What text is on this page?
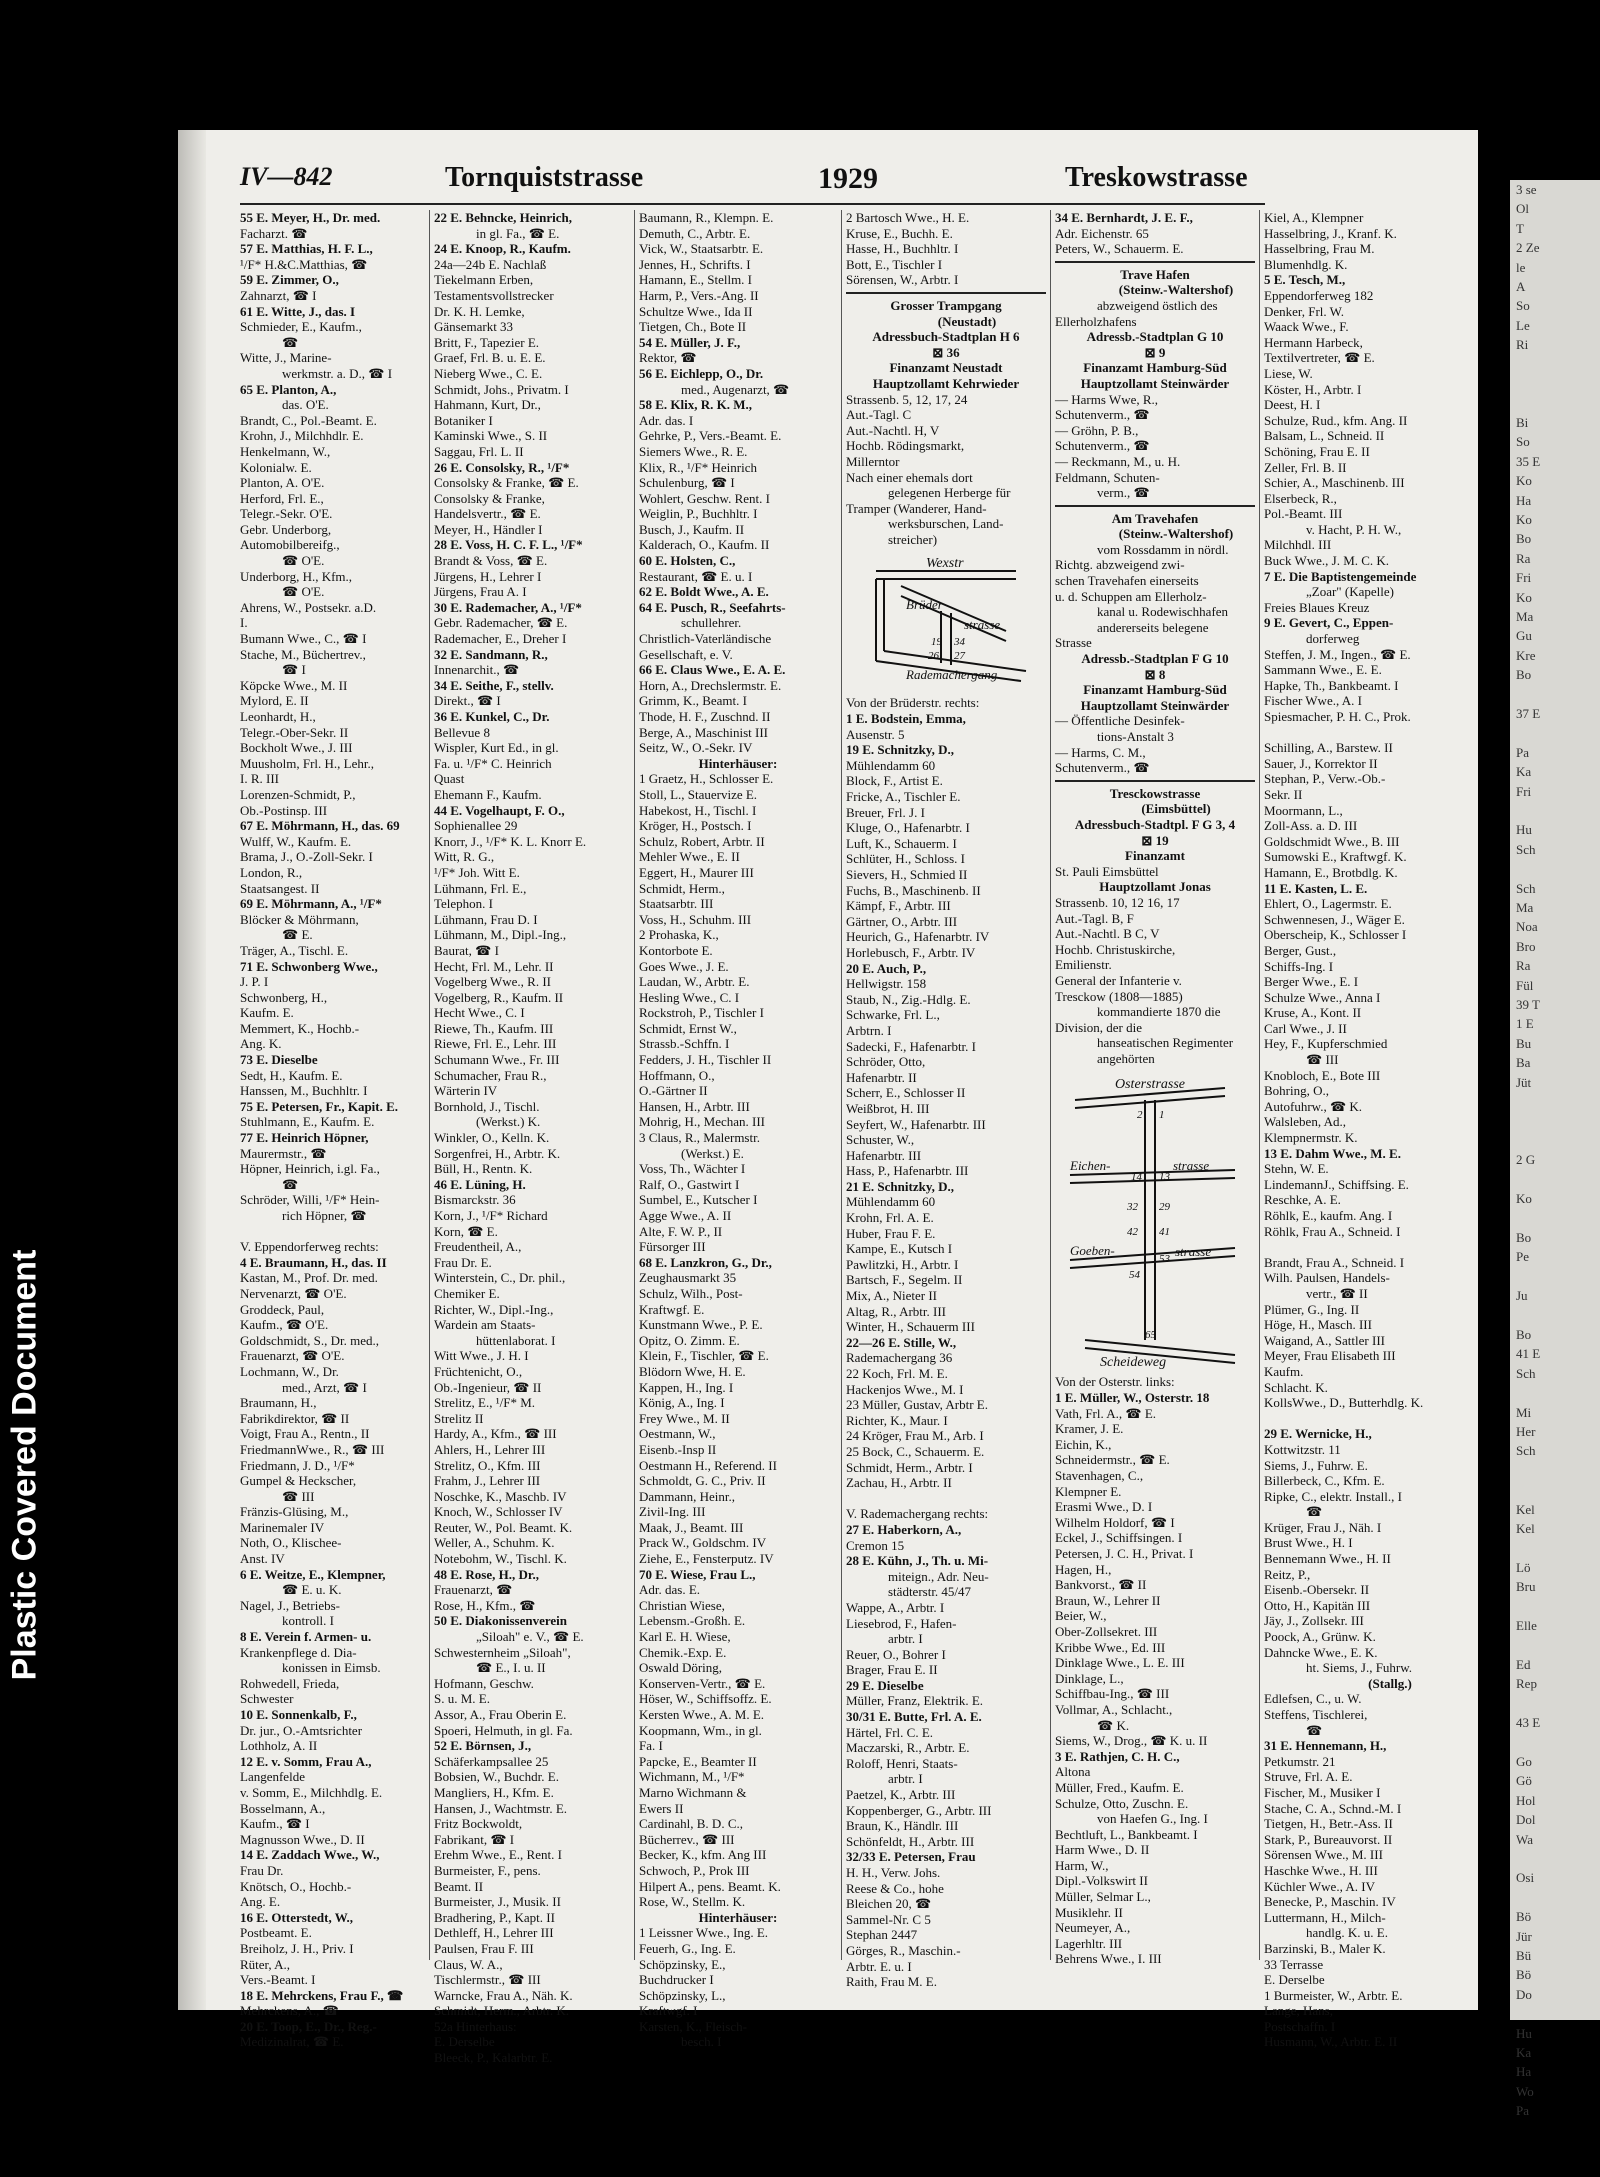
3 se
Ol
T
2 Ze
le
A
So
Le
Ri

Bi
So
35 E
Ko
Ha
Ko
Bo
Ra
Fri
Ko
Ma
Gu
Kre
Bo

37 E

Pa
Ka
Fri

Hu
Sch

Sch
Ma
Noa
Bro
Ra
Fül
39 T
1 E
Bu
Ba
Jüt

2 G

Ko

Bo
Pe

Ju

Bo
41 E
Sch

Mi
Her
Sch

Kel
Kel

Lö
Bru

Elle

Ed
Rep

43 E

Go
Gö
Hol
Dol
Wa

Osi

Bö
Jür
Bü
Bö
Do

Hu
Ka
Ha
Wo
Pa
Plastic Covered Document
IV—842	Tornquiststrasse	1929	Treskowstrasse
55 E. Meyer, H., Dr. med.
Facharzt. ☎
57 E. Matthias, H. F. L.,
¹/F* H.&C.Matthias, ☎
59 E. Zimmer, O.,
Zahnarzt, ☎ I
61 E. Witte, J., das. I
Schmieder, E., Kaufm.,
☎
Witte, J., Marine-
werkmstr. a. D., ☎ I
65 E. Planton, A.,
das. O'E.
Brandt, C., Pol.-Beamt. E.
Krohn, J., Milchhdlr. E.
Henkelmann, W.,
Kolonialw. E.
Planton, A. O'E.
Herford, Frl. E.,
Telegr.-Sekr. O'E.
Gebr. Underborg,
Automobilbereifg.,
☎ O'E.
Underborg, H., Kfm.,
☎ O'E.
Ahrens, W., Postsekr. a.D.
I.
Bumann Wwe., C., ☎ I
Stache, M., Büchertrev.,
☎ I
Köpcke Wwe., M. II
Mylord, E. II
Leonhardt, H.,
Telegr.-Ober-Sekr. II
Bockholt Wwe., J. III
Muusholm, Frl. H., Lehr.,
I. R. III
Lorenzen-Schmidt, P.,
Ob.-Postinsp. III
67 E. Möhrmann, H., das. 69
Wulff, W., Kaufm. E.
Brama, J., O.-Zoll-Sekr. I
London, R.,
Staatsangest. II
69 E. Möhrmann, A., ¹/F*
Blöcker & Möhrmann,
☎ E.
Träger, A., Tischl. E.
71 E. Schwonberg Wwe.,
J. P. I
Schwonberg, H.,
Kaufm. E.
Memmert, K., Hochb.-
Ang. K.
73 E. Dieselbe
Sedt, H., Kaufm. E.
Hanssen, M., Buchhltr. I
75 E. Petersen, Fr., Kapit. E.
Stuhlmann, E., Kaufm. E.
77 E. Heinrich Höpner,
Maurermstr., ☎
Höpner, Heinrich, i.gl. Fa.,
☎
Schröder, Willi, ¹/F* Hein-
rich Höpner, ☎
V. Eppendorferweg rechts:
4 E. Braumann, H., das. II
Kastan, M., Prof. Dr. med.
Nervenarzt, ☎ O'E.
Groddeck, Paul,
Kaufm., ☎ O'E.
Goldschmidt, S., Dr. med.,
Frauenarzt, ☎ O'E.
Lochmann, W., Dr.
med., Arzt, ☎ I
Braumann, H.,
Fabrikdirektor, ☎ II
Voigt, Frau A., Rentn., II
FriedmannWwe., R., ☎ III
Friedmann, J. D., ¹/F*
Gumpel & Heckscher,
☎ III
Fränzis-Glüsing, M.,
Marinemaler IV
Noth, O., Klischee-
Anst. IV
6 E. Weitze, E., Klempner,
☎ E. u. K.
Nagel, J., Betriebs-
kontroll. I
8 E. Verein f. Armen- u.
Krankenpflege d. Dia-
konissen in Eimsb.
Rohwedell, Frieda,
Schwester
10 E. Sonnenkalb, F.,
Dr. jur., O.-Amtsrichter
Lothholz, A. II
12 E. v. Somm, Frau A.,
Langenfelde
v. Somm, E., Milchhdlg. E.
Bosselmann, A.,
Kaufm., ☎ I
Magnusson Wwe., D. II
14 E. Zaddach Wwe., W.,
Frau Dr.
Knötsch, O., Hochb.-
Ang. E.
16 E. Otterstedt, W.,
Postbeamt. E.
Breiholz, J. H., Priv. I
Rüter, A.,
Vers.-Beamt. I
18 E. Mehrckens, Frau F., ☎
Mehrckens, A., ☎
20 E. Toop, E., Dr., Reg.-
Medizinalrat, ☎ E.
22 E. Behncke, Heinrich,
in gl. Fa., ☎ E.
24 E. Knoop, R., Kaufm.
24a—24b E. Nachlaß
Tiekelmann Erben,
Testamentsvollstrecker
Dr. K. H. Lemke,
Gänsemarkt 33
Britt, F., Tapezier E.
Graef, Frl. B. u. E. E.
Nieberg Wwe., C. E.
Schmidt, Johs., Privatm. I
Hahmann, Kurt, Dr.,
Botaniker I
Kaminski Wwe., S. II
Saggau, Frl. L. II
26 E. Consolsky, R., ¹/F*
Consolsky & Franke, ☎ E.
Consolsky & Franke,
Handelsvertr., ☎ E.
Meyer, H., Händler I
28 E. Voss, H. C. F. L., ¹/F*
Brandt & Voss, ☎ E.
Jürgens, H., Lehrer I
Jürgens, Frau A. I
30 E. Rademacher, A., ¹/F*
Gebr. Rademacher, ☎ E.
Rademacher, E., Dreher I
32 E. Sandmann, R.,
Innenarchit., ☎
34 E. Seithe, F., stellv.
Direkt., ☎ I
36 E. Kunkel, C., Dr.
Bellevue 8
Wispler, Kurt Ed., in gl.
Fa. u. ¹/F* C. Heinrich
Quast
Ehemann F., Kaufm.
44 E. Vogelhaupt, F. O.,
Sophienallee 29
Knorr, J., ¹/F* K. L. Knorr E.
Witt, R. G.,
¹/F* Joh. Witt E.
Lühmann, Frl. E.,
Telephon. I
Lühmann, Frau D. I
Lühmann, M., Dipl.-Ing.,
Baurat, ☎ I
Hecht, Frl. M., Lehr. II
Vogelberg Wwe., R. II
Vogelberg, R., Kaufm. II
Hecht Wwe., C. I
Riewe, Th., Kaufm. III
Riewe, Frl. E., Lehr. III
Schumann Wwe., Fr. III
Schumacher, Frau R.,
Wärterin IV
Bornhold, J., Tischl.
(Werkst.) K.
Winkler, O., Kelln. K.
Sorgenfrei, H., Arbtr. K.
Büll, H., Rentn. K.
46 E. Lüning, H.
Bismarckstr. 36
Korn, J., ¹/F* Richard
Korn, ☎ E.
Freudentheil, A.,
Frau Dr. E.
Winterstein, C., Dr. phil.,
Chemiker E.
Richter, W., Dipl.-Ing.,
Wardein am Staats-
hüttenlaborat. I
Witt Wwe., J. H. I
Früchtenicht, O.,
Ob.-Ingenieur, ☎ II
Strelitz, E., ¹/F* M.
Strelitz II
Hardy, A., Kfm., ☎ III
Ahlers, H., Lehrer III
Strelitz, O., Kfm. III
Frahm, J., Lehrer III
Noschke, K., Maschb. IV
Knoch, W., Schlosser IV
Reuter, W., Pol. Beamt. K.
Weller, A., Schuhm. K.
Notebohm, W., Tischl. K.
48 E. Rose, H., Dr.,
Frauenarzt, ☎
Rose, H., Kfm., ☎
50 E. Diakonissenverein
„Siloah" e. V., ☎ E.
Schwesternheim „Siloah",
☎ E., I. u. II
Hofmann, Geschw.
S. u. M. E.
Assor, A., Frau Oberin E.
Spoeri, Helmuth, in gl. Fa.
52 E. Börnsen, J.,
Schäferkampsallee 25
Bobsien, W., Buchdr. E.
Mangliers, H., Kfm. E.
Hansen, J., Wachtmstr. E.
Fritz Bockwoldt,
Fabrikant, ☎ I
Erehm Wwe., E., Rent. I
Burmeister, F., pens.
Beamt. II
Burmeister, J., Musik. II
Bradhering, P., Kapt. II
Dethleff, H., Lehrer III
Paulsen, Frau F. III
Claus, W. A.,
Tischlermstr., ☎ III
Warncke, Frau A., Näh. K.
Schmidt, Herm., Arbtr. K.
52a Hinterhaus:
E. Derselbe
Bleeck, P., Kalarbtr. E.
Baumann, R., Klempn. E.
Demuth, C., Arbtr. E.
Vick, W., Staatsarbtr. E.
Jennes, H., Schrifts. I
Hamann, E., Stellm. I
Harm, P., Vers.-Ang. II
Schultze Wwe., Ida II
Tietgen, Ch., Bote II
54 E. Müller, J. F.,
Rektor, ☎
56 E. Eichlepp, O., Dr.
med., Augenarzt, ☎
58 E. Klix, R. K. M.,
Adr. das. I
Gehrke, P., Vers.-Beamt. E.
Siemers Wwe., R. E.
Klix, R., ¹/F* Heinrich
Schulenburg, ☎ I
Wohlert, Geschw. Rent. I
Weiglin, P., Buchhltr. I
Busch, J., Kaufm. II
Kalderach, O., Kaufm. II
60 E. Holsten, C.,
Restaurant, ☎ E. u. I
62 E. Boldt Wwe., A. E.
64 E. Pusch, R., Seefahrts-
schullehrer.
Christlich-Vaterländische
Gesellschaft, e. V.
66 E. Claus Wwe., E. A. E.
Horn, A., Drechslermstr. E.
Grimm, K., Beamt. I
Thode, H. F., Zuschnd. II
Berge, A., Maschinist III
Seitz, W., O.-Sekr. IV
Hinterhäuser:
1 Graetz, H., Schlosser E.
Stoll, L., Stauervize E.
Habekost, H., Tischl. I
Kröger, H., Postsch. I
Schulz, Robert, Arbtr. II
Mehler Wwe., E. II
Eggert, H., Maurer III
Schmidt, Herm.,
Staatsarbtr. III
Voss, H., Schuhm. III
2 Prohaska, K.,
Kontorbote E.
Goes Wwe., J. E.
Laudan, W., Arbtr. E.
Hesling Wwe., C. I
Rockstroh, P., Tischler I
Schmidt, Ernst W.,
Strassb.-Schffn. I
Fedders, J. H., Tischler II
Hoffmann, O.,
O.-Gärtner II
Hansen, H., Arbtr. III
Mohrig, H., Mechan. III
3 Claus, R., Malermstr.
(Werkst.) E.
Voss, Th., Wächter I
Ralf, O., Gastwirt I
Sumbel, E., Kutscher I
Agge Wwe., A. II
Alte, F. W. P., II
Fürsorger III
68 E. Lanzkron, G., Dr.,
Zeughausmarkt 35
Schulz, Wilh., Post-
Kraftwgf. E.
Kunstmann Wwe., P. E.
Opitz, O. Zimm. E.
Klein, F., Tischler, ☎ E.
Blödorn Wwe, H. E.
Kappen, H., Ing. I
König, A., Ing. I
Frey Wwe., M. II
Oestmann, W.,
Eisenb.-Insp II
Oestmann H., Referend. II
Schmoldt, G. C., Priv. II
Dammann, Heinr.,
Zivil-Ing. III
Maak, J., Beamt. III
Prack W., Goldschm. IV
Ziehe, E., Fensterputz. IV
70 E. Wiese, Frau L.,
Adr. das. E.
Christian Wiese,
Lebensm.-Großh. E.
Karl E. H. Wiese,
Chemik.-Exp. E.
Oswald Döring,
Konserven-Vertr., ☎ E.
Höser, W., Schiffsoffz. E.
Kersten Wwe., A. M. E.
Koopmann, Wm., in gl.
Fa. I
Papcke, E., Beamter II
Wichmann, M., ¹/F*
Marno Wichmann &
Ewers II
Cardinahl, B. D. C.,
Bücherrev., ☎ III
Becker, K., kfm. Ang III
Schwoch, P., Prok III
Hilpert A., pens. Beamt. K.
Rose, W., Stellm. K.
Hinterhäuser:
1 Leissner Wwe., Ing. E.
Feuerh, G., Ing. E.
Schöpzinsky, E.,
Buchdrucker I
Schöpzinsky, L.,
Kraftwgf. I
Karsten, K., Fleisch-
besch. I
2 Bartosch Wwe., H. E.
Kruse, E., Buchh. E.
Hasse, H., Buchhltr. I
Bott, E., Tischler I
Sörensen, W., Arbtr. I
Grosser Trampgang
(Neustadt)
Adressbuch-Stadtplan H 6
⊠ 36
Finanzamt Neustadt
Hauptzollamt Kehrwieder
Strassenb. 5, 12, 17, 24
Aut.-Tagl. C
Aut.-Nachtl. H, V
Hochb. Rödingsmarkt,
Millerntor
Nach einer ehemals dort
gelegenen Herberge für
Tramper (Wanderer, Hand-
werksburschen, Land-
streicher)
Wexstr
Brüder
strasse
19 34
26 27
Rademachergang
Von der Brüderstr. rechts:
1 E. Bodstein, Emma,
Ausenstr. 5
19 E. Schnitzky, D.,
Mühlendamm 60
Block, F., Artist E.
Fricke, A., Tischler E.
Breuer, Frl. J. I
Kluge, O., Hafenarbtr. I
Luft, K., Schauerm. I
Schlüter, H., Schloss. I
Sievers, H., Schmied II
Fuchs, B., Maschinenb. II
Kämpf, F., Arbtr. III
Gärtner, O., Arbtr. III
Heurich, G., Hafenarbtr. IV
Horlebusch, F., Arbtr. IV
20 E. Auch, P.,
Hellwigstr. 158
Staub, N., Zig.-Hdlg. E.
Schwarke, Frl. L.,
Arbtrn. I
Sadecki, F., Hafenarbtr. I
Schröder, Otto,
Hafenarbtr. II
Scherr, E., Schlosser II
Weißbrot, H. III
Seyfert, W., Hafenarbtr. III
Schuster, W.,
Hafenarbtr. III
Hass, P., Hafenarbtr. III
21 E. Schnitzky, D.,
Mühlendamm 60
Krohn, Frl. A. E.
Huber, Frau F. E.
Kampe, E., Kutsch I
Pawlitzki, H., Arbtr. I
Bartsch, F., Segelm. II
Mix, A., Nieter II
Altag, R., Arbtr. III
Winter, H., Schauerm III
22—26 E. Stille, W.,
Rademachergang 36
22 Koch, Frl. M. E.
Hackenjos Wwe., M. I
23 Müller, Gustav, Arbtr E.
Richter, K., Maur. I
24 Kröger, Frau M., Arb. I
25 Bock, C., Schauerm. E.
Schmidt, Herm., Arbtr. I
Zachau, H., Arbtr. II
V. Rademachergang rechts:
27 E. Haberkorn, A.,
Cremon 15
28 E. Kühn, J., Th. u. Mi-
miteign., Adr. Neu-
städterstr. 45/47
Wappe, A., Arbtr. I
Liesebrod, F., Hafen-
arbtr. I
Reuer, O., Bohrer I
Brager, Frau E. II
29 E. Dieselbe
Müller, Franz, Elektrik. E.
30/31 E. Butte, Frl. A. E.
Härtel, Frl. C. E.
Maczarski, R., Arbtr. E.
Roloff, Henri, Staats-
arbtr. I
Paetzel, K., Arbtr. III
Koppenberger, G., Arbtr. III
Braun, K., Händlr. III
Schönfeldt, H., Arbtr. III
32/33 E. Petersen, Frau
H. H., Verw. Johs.
Reese & Co., hohe
Bleichen 20, ☎
Sammel-Nr. C 5
Stephan 2447
Görges, R., Maschin.-
Arbtr. E. u. I
Raith, Frau M. E.
34 E. Bernhardt, J. E. F.,
Adr. Eichenstr. 65
Peters, W., Schauerm. E.
Trave Hafen
(Steinw.-Waltershof)
abzweigend östlich des
Ellerholzhafens
Adressb.-Stadtplan G 10
⊠ 9
Finanzamt Hamburg-Süd
Hauptzollamt Steinwärder
— Harms Wwe, R.,
Schutenverm., ☎
— Gröhn, P. B.,
Schutenverm., ☎
— Reckmann, M., u. H.
Feldmann, Schuten-
verm., ☎
Am Travehafen
(Steinw.-Waltershof)
vom Rossdamm in nördl.
Richtg. abzweigend zwi-
schen Travehafen einerseits
u. d. Schuppen am Ellerholz-
kanal u. Rodewischhafen
andererseits belegene
Strasse
Adressb.-Stadtplan F G 10
⊠ 8
Finanzamt Hamburg-Süd
Hauptzollamt Steinwärder
— Öffentliche Desinfek-
tions-Anstalt 3
— Harms, C. M.,
Schutenverm., ☎
Tresckowstrasse
(Eimsbüttel)
Adressbuch-Stadtpl. F G 3, 4
⊠ 19
Finanzamt
St. Pauli Eimsbüttel
Hauptzollamt Jonas
Strassenb. 10, 12 16, 17
Aut.-Tagl. B, F
Aut.-Nachtl. B C, V
Hochb. Christuskirche,
Emilienstr.
General der Infanterie v.
Tresckow (1808—1885)
kommandierte 1870 die
Division, der die
hanseatischen Regimenter
angehörten
Osterstrasse
2 1
Eichen-
14 13
strasse
32 29
42 41
Goeben-
53 strasse
54
65
Scheideweg
Von der Osterstr. links:
1 E. Müller, W., Osterstr. 18
Vath, Frl. A., ☎ E.
Kramer, J. E.
Eichin, K.,
Schneidermstr., ☎ E.
Stavenhagen, C.,
Klempner E.
Erasmi Wwe., D. I
Wilhelm Holdorf, ☎ I
Eckel, J., Schiffsingen. I
Petersen, J. C. H., Privat. I
Hagen, H.,
Bankvorst., ☎ II
Braun, W., Lehrer II
Beier, W.,
Ober-Zollsekret. III
Kribbe Wwe., Ed. III
Dinklage Wwe., L. E. III
Dinklage, L.,
Schiffbau-Ing., ☎ III
Vollmar, A., Schlacht.,
☎ K.
Siems, W., Drog., ☎ K. u. II
3 E. Rathjen, C. H. C.,
Altona
Müller, Fred., Kaufm. E.
Schulze, Otto, Zuschn. E.
von Haefen G., Ing. I
Bechtluft, L., Bankbeamt. I
Harm Wwe., D. II
Harm, W.,
Dipl.-Volkswirt II
Müller, Selmar L.,
Musiklehr. II
Neumeyer, A.,
Lagerhltr. III
Behrens Wwe., I. III
Kiel, A., Klempner
Hasselbring, J., Kranf. K.
Hasselbring, Frau M.
Blumenhdlg. K.
5 E. Tesch, M.,
Eppendorferweg 182
Denker, Frl. W.
Waack Wwe., F.
Hermann Harbeck,
Textilvertreter, ☎ E.
Liese, W.
Köster, H., Arbtr. I
Deest, H. I
Schulze, Rud., kfm. Ang. II
Balsam, L., Schneid. II
Schöning, Frau E. II
Zeller, Frl. B. II
Schier, A., Maschinenb. III
Elserbeck, R.,
Pol.-Beamt. III
v. Hacht, P. H. W.,
Milchhdl. III
Buck Wwe., J. M. C. K.
7 E. Die Baptistengemeinde
„Zoar" (Kapelle)
Freies Blaues Kreuz
9 E. Gevert, C., Eppen-
dorferweg
Steffen, J. M., Ingen., ☎ E.
Sammann Wwe., E. E.
Hapke, Th., Bankbeamt. I
Fischer Wwe., A. I
Spiesmacher, P. H. C., Prok.
Schilling, A., Barstew. II
Sauer, J., Korrektor II
Stephan, P., Verw.-Ob.-
Sekr. II
Moormann, L.,
Zoll-Ass. a. D. III
Goldschmidt Wwe., B. III
Sumowski E., Kraftwgf. K.
Hamann, E., Brotbdlg. K.
11 E. Kasten, L. E.
Ehlert, O., Lagermstr. E.
Schwennesen, J., Wäger E.
Oberscheip, K., Schlosser I
Berger, Gust.,
Schiffs-Ing. I
Berger Wwe., E. I
Schulze Wwe., Anna I
Kruse, A., Kont. II
Carl Wwe., J. II
Hey, F., Kupferschmied
☎ III
Knobloch, E., Bote III
Bohring, O.,
Autofuhrw., ☎ K.
Walsleben, Ad.,
Klempnermstr. K.
13 E. Dahm Wwe., M. E.
Stehn, W. E.
LindemannJ., Schiffsing. E.
Reschke, A. E.
Röhlk, E., kaufm. Ang. I
Röhlk, Frau A., Schneid. I
Brandt, Frau A., Schneid. I
Wilh. Paulsen, Handels-
vertr., ☎ II
Plümer, G., Ing. II
Höge, H., Masch. III
Waigand, A., Sattler III
Meyer, Frau Elisabeth III
Kaufm.
Schlacht. K.
KollsWwe., D., Butterhdlg. K.
29 E. Wernicke, H.,
Kottwitzstr. 11
Siems, J., Fuhrw. E.
Billerbeck, C., Kfm. E.
Ripke, C., elektr. Install., I
☎
Krüger, Frau J., Näh. I
Brust Wwe., H. I
Bennemann Wwe., H. II
Reitz, P.,
Eisenb.-Obersekr. II
Otto, H., Kapitän III
Jäy, J., Zollsekr. III
Poock, A., Grünw. K.
Dahncke Wwe., E. K.
ht. Siems, J., Fuhrw.
(Stallg.)
Edlefsen, C., u. W.
Steffens, Tischlerei,
☎
31 E. Hennemann, H.,
Petkumstr. 21
Struve, Frl. A. E.
Fischer, M., Musiker I
Stache, C. A., Schnd.-M. I
Tietgen, H., Betr.-Ass. II
Stark, P., Bureauvorst. II
Sörensen Wwe., M. III
Haschke Wwe., H. III
Küchler Wwe., A. IV
Benecke, P., Maschin. IV
Luttermann, H., Milch-
handlg. K. u. E.
Barzinski, B., Maler K.
33 Terrasse
E. Derselbe
1 Burmeister, W., Arbtr. E.
Lange, Hans,
Postschaffn. I
Husmann, W., Arbtr. E. II
